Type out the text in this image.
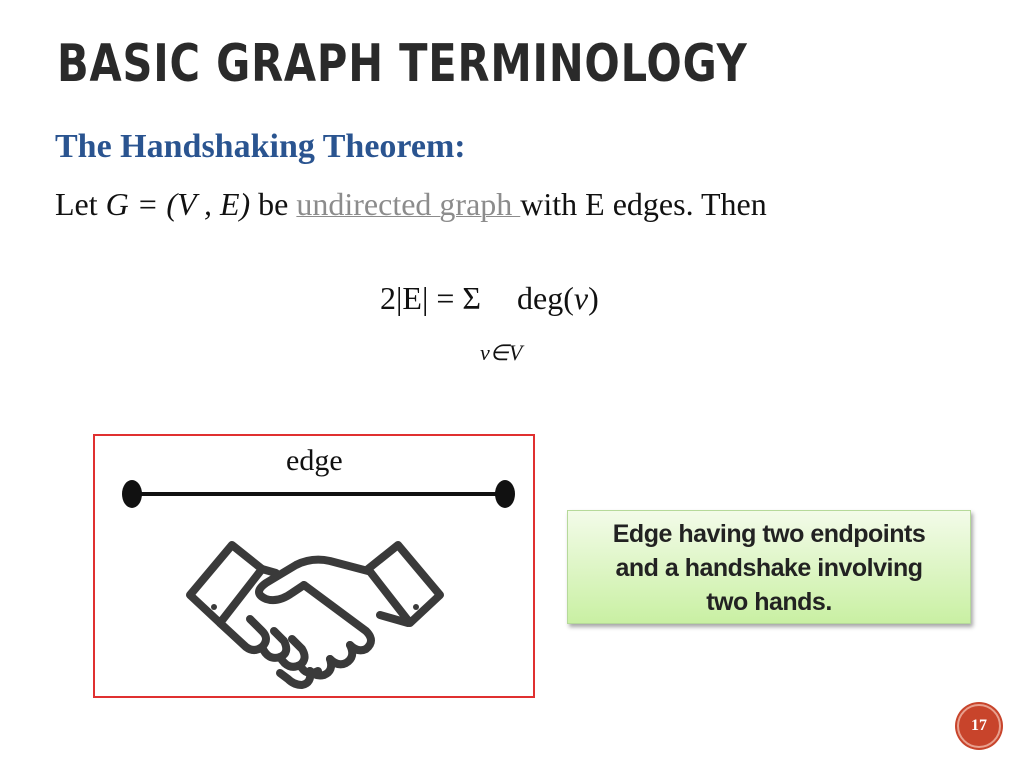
BASIC GRAPH TERMINOLOGY
The Handshaking Theorem:
Let G = (V , E) be undirected graph with E edges. Then
2|E| = Σ deg(v)
v∈V
edge
Edge having two endpoints
and a handshake involving
two hands.
17
